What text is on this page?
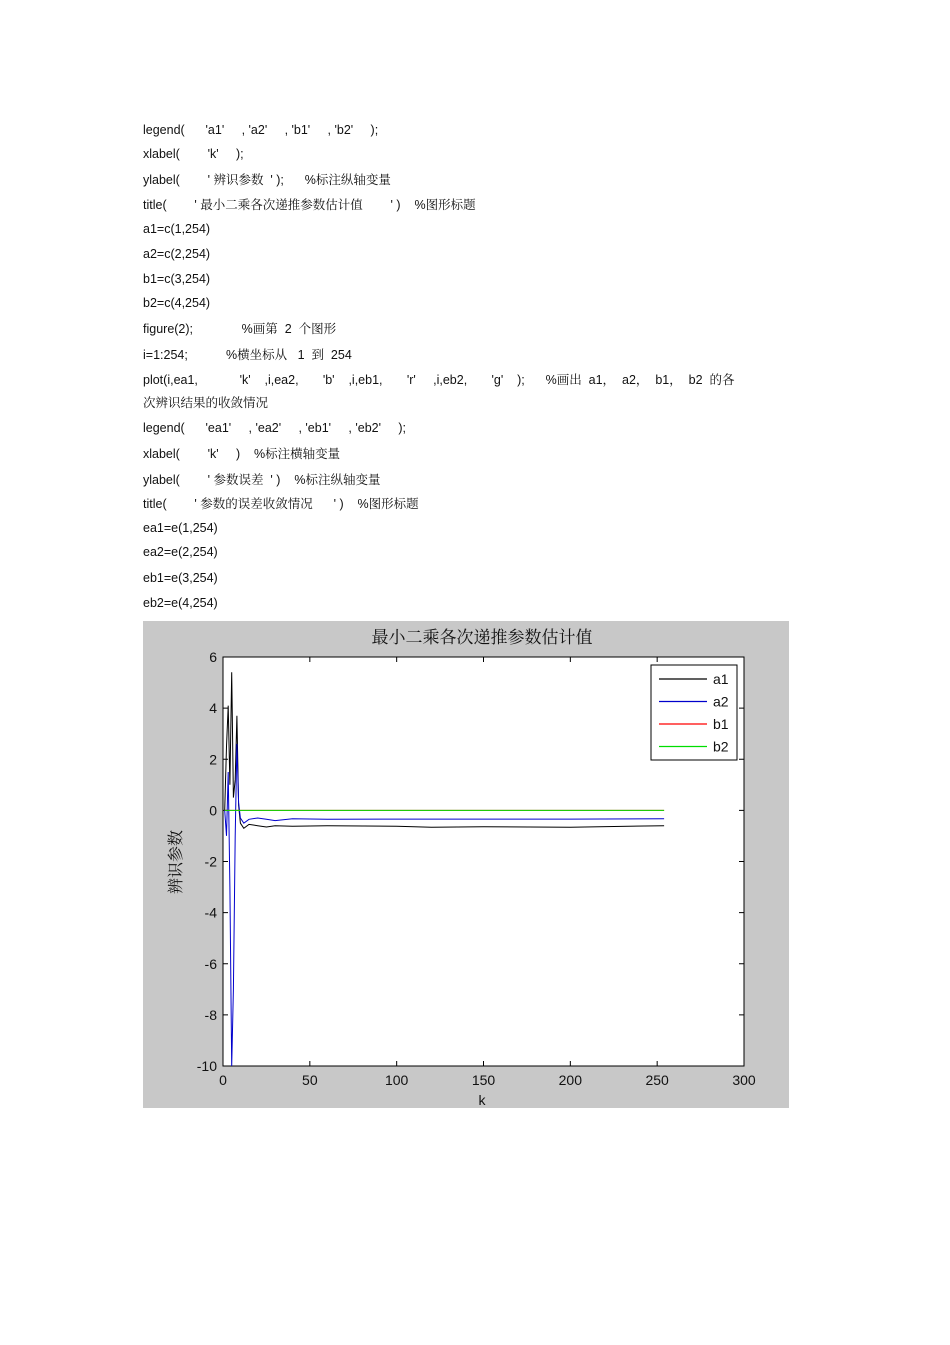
legend(      'a1'     , 'a2'     , 'b1'     , 'b2'     );
xlabel(        'k'     );
ylabel(        ' 辨识参数  ' );      %标注纵轴变量
title(        ' 最小二乘各次递推参数估计值        ' )    %图形标题
a1=c(1,254)
a2=c(2,254)
b1=c(3,254)
b2=c(4,254)
figure(2);              %画第  2  个图形
i=1:254;           %横坐标从   1  到  254
plot(i,ea1,            'k'    ,i,ea2,       'b'    ,i,eb1,       'r'     ,i,eb2,       'g'    );      %画出  a1，  a2，  b1，  b2  的各
次辨识结果的收敛情况
legend(      'ea1'     , 'ea2'     , 'eb1'     , 'eb2'     );
xlabel(        'k'     )    %标注横轴变量
ylabel(        ' 参数误差  ' )    %标注纵轴变量
title(        ' 参数的误差收敛情况      ' )    %图形标题
ea1=e(1,254)
ea2=e(2,254)
eb1=e(3,254)
eb2=e(4,254)
最小二乘各次递推参数估计值
0	50	100	150	200	250	300
-10
-8
-6
-4
-2
0
2
4
6
k
辨识参数
a1
a2
b1
b2
